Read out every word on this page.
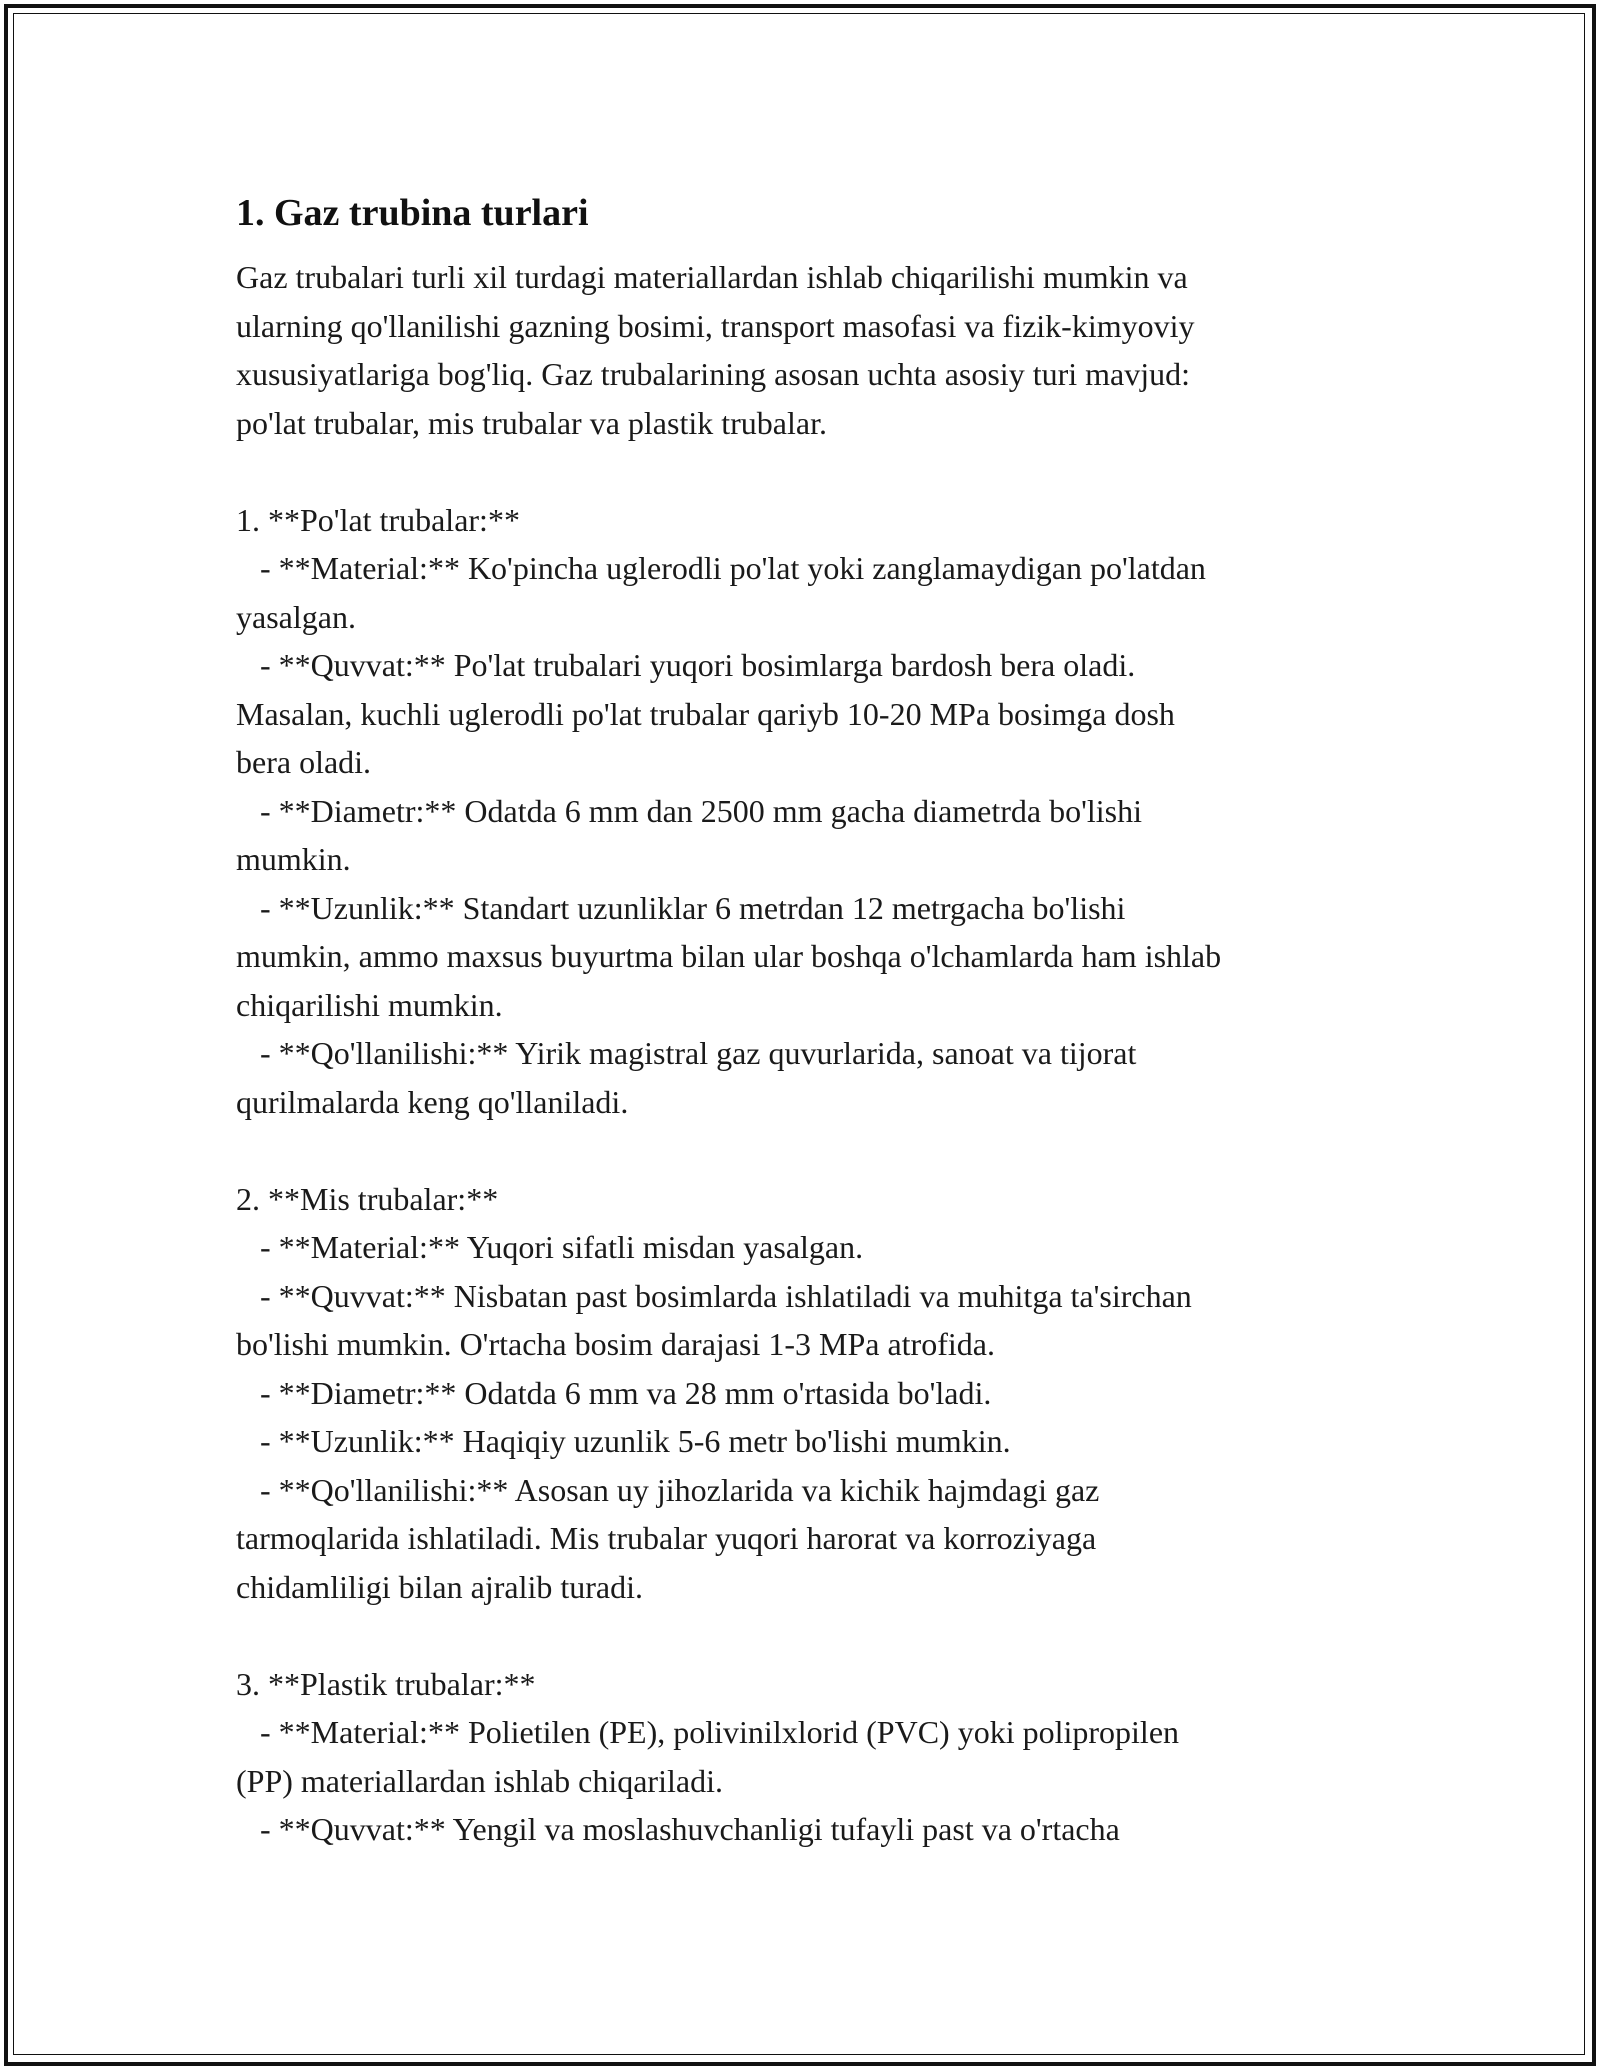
1. Gaz trubina turlari
Gaz trubalari turli xil turdagi materiallardan ishlab chiqarilishi mumkin va
ularning qo'llanilishi gazning bosimi, transport masofasi va fizik-kimyoviy
xususiyatlariga bog'liq. Gaz trubalarining asosan uchta asosiy turi mavjud:
po'lat trubalar, mis trubalar va plastik trubalar.
1. **Po'lat trubalar:**
- **Material:** Ko'pincha uglerodli po'lat yoki zanglamaydigan po'latdan
yasalgan.
- **Quvvat:** Po'lat trubalari yuqori bosimlarga bardosh bera oladi.
Masalan, kuchli uglerodli po'lat trubalar qariyb 10-20 MPa bosimga dosh
bera oladi.
- **Diametr:** Odatda 6 mm dan 2500 mm gacha diametrda bo'lishi
mumkin.
- **Uzunlik:** Standart uzunliklar 6 metrdan 12 metrgacha bo'lishi
mumkin, ammo maxsus buyurtma bilan ular boshqa o'lchamlarda ham ishlab
chiqarilishi mumkin.
- **Qo'llanilishi:** Yirik magistral gaz quvurlarida, sanoat va tijorat
qurilmalarda keng qo'llaniladi.
2. **Mis trubalar:**
- **Material:** Yuqori sifatli misdan yasalgan.
- **Quvvat:** Nisbatan past bosimlarda ishlatiladi va muhitga ta'sirchan
bo'lishi mumkin. O'rtacha bosim darajasi 1-3 MPa atrofida.
- **Diametr:** Odatda 6 mm va 28 mm o'rtasida bo'ladi.
- **Uzunlik:** Haqiqiy uzunlik 5-6 metr bo'lishi mumkin.
- **Qo'llanilishi:** Asosan uy jihozlarida va kichik hajmdagi gaz
tarmoqlarida ishlatiladi. Mis trubalar yuqori harorat va korroziyaga
chidamliligi bilan ajralib turadi.
3. **Plastik trubalar:**
- **Material:** Polietilen (PE), polivinilxlorid (PVC) yoki polipropilen
(PP) materiallardan ishlab chiqariladi.
- **Quvvat:** Yengil va moslashuvchanligi tufayli past va o'rtacha
